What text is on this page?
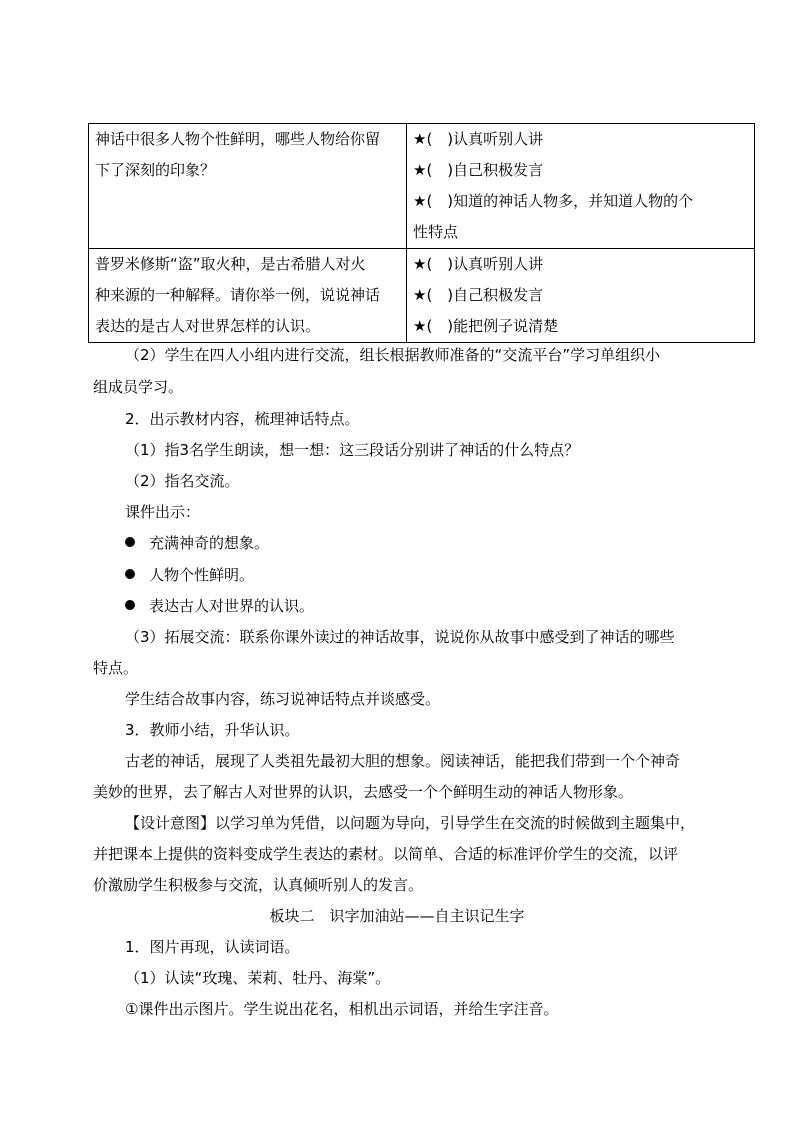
神话中很多人物个性鲜明，哪些人物给你留
下了深刻的印象？	★(　)认真听别人讲
★(　)自己积极发言
★(　)知道的神话人物多，并知道人物的个
性特点

普罗米修斯“盗”取火种，是古希腊人对火
种来源的一种解释。请你举一例，说说神话
表达的是古人对世界怎样的认识。	★(　)认真听别人讲
★(　)自己积极发言
★(　)能把例子说清楚
（2）学生在四人小组内进行交流，组长根据教师准备的“交流平台”学习单组织小
组成员学习。
2．出示教材内容，梳理神话特点。
（1）指3名学生朗读，想一想：这三段话分别讲了神话的什么特点？
（2）指名交流。
课件出示：
充满神奇的想象。
人物个性鲜明。
表达古人对世界的认识。
（3）拓展交流：联系你课外读过的神话故事，说说你从故事中感受到了神话的哪些
特点。
学生结合故事内容，练习说神话特点并谈感受。
3．教师小结，升华认识。
古老的神话，展现了人类祖先最初大胆的想象。阅读神话，能把我们带到一个个神奇
美妙的世界，去了解古人对世界的认识，去感受一个个鲜明生动的神话人物形象。
【设计意图】以学习单为凭借，以问题为导向，引导学生在交流的时候做到主题集中，
并把课本上提供的资料变成学生表达的素材。以简单、合适的标准评价学生的交流，以评
价激励学生积极参与交流，认真倾听别人的发言。
板块二　识字加油站——自主识记生字
1．图片再现，认读词语。
（1）认读“玫瑰、茉莉、牡丹、海棠”。
①课件出示图片。学生说出花名，相机出示词语，并给生字注音。
